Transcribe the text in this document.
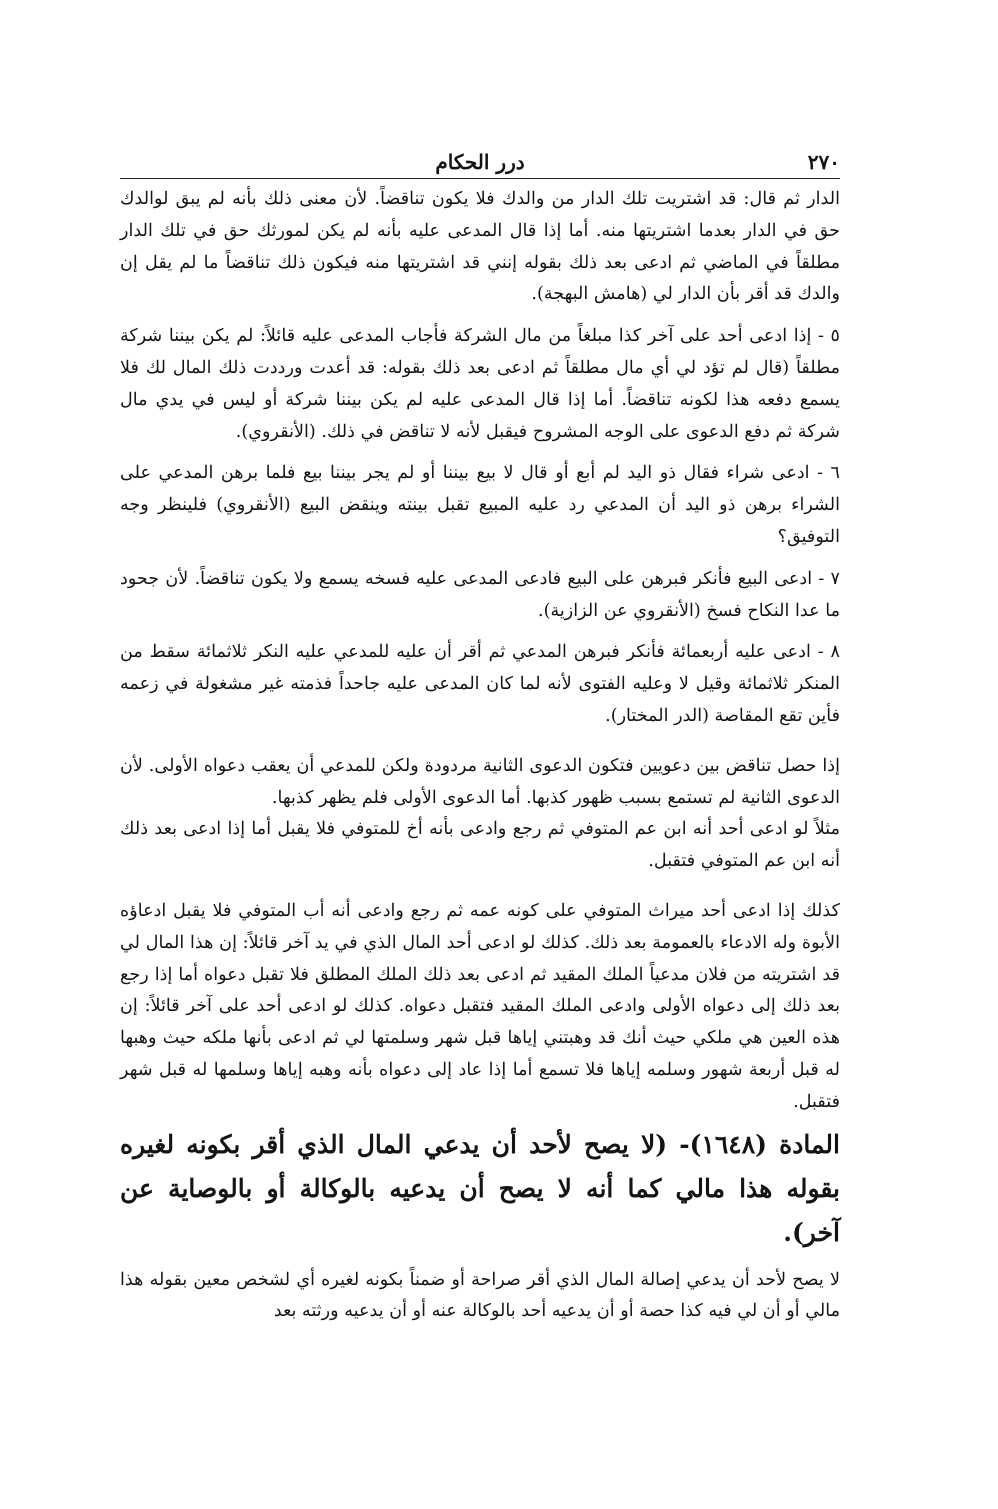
٢٧٠
درر الحكام

الدار ثم قال: قد اشتريت تلك الدار من والدك فلا يكون تناقضاً. لأن معنى ذلك بأنه لم يبق لوالدك حق في الدار بعدما اشتريتها منه. أما إذا قال المدعى عليه بأنه لم يكن لمورثك حق في تلك الدار مطلقاً في الماضي ثم ادعى بعد ذلك بقوله إنني قد اشتريتها منه فيكون ذلك تناقضاً ما لم يقل إن والدك قد أقر بأن الدار لي (هامش البهجة).

٥ - إذا ادعى أحد على آخر كذا مبلغاً من مال الشركة فأجاب المدعى عليه قائلاً: لم يكن بيننا شركة مطلقاً (قال لم تؤد لي أي مال مطلقاً ثم ادعى بعد ذلك بقوله: قد أعدت ورددت ذلك المال لك فلا يسمع دفعه هذا لكونه تناقضاً. أما إذا قال المدعى عليه لم يكن بيننا شركة أو ليس في يدي مال شركة ثم دفع الدعوى على الوجه المشروح فيقبل لأنه لا تناقض في ذلك. (الأنقروي).

٦ - ادعى شراء فقال ذو اليد لم أبع أو قال لا بيع بيننا أو لم يجر بيننا بيع فلما برهن المدعي على الشراء برهن ذو اليد أن المدعي رد عليه المبيع تقبل بينته وينقض البيع (الأنقروي) فلينظر وجه التوفيق؟

٧ - ادعى البيع فأنكر فبرهن على البيع فادعى المدعى عليه فسخه يسمع ولا يكون تناقضاً. لأن جحود ما عدا النكاح فسخ (الأنقروي عن الزازية).

٨ - ادعى عليه أربعمائة فأنكر فبرهن المدعي ثم أقر أن عليه للمدعي عليه النكر ثلاثمائة سقط من المنكر ثلاثمائة وقيل لا وعليه الفتوى لأنه لما كان المدعى عليه جاحداً فذمته غير مشغولة في زعمه فأين تقع المقاصة (الدر المختار).

إذا حصل تناقض بين دعويين فتكون الدعوى الثانية مردودة ولكن للمدعي أن يعقب دعواه الأولى. لأن الدعوى الثانية لم تستمع بسبب ظهور كذبها. أما الدعوى الأولى فلم يظهر كذبها.

مثلاً لو ادعى أحد أنه ابن عم المتوفي ثم رجع وادعى بأنه أخ للمتوفي فلا يقبل أما إذا ادعى بعد ذلك أنه ابن عم المتوفي فتقبل.

كذلك إذا ادعى أحد ميراث المتوفي على كونه عمه ثم رجع وادعى أنه أب المتوفي فلا يقبل ادعاؤه الأبوة وله الادعاء بالعمومة بعد ذلك. كذلك لو ادعى أحد المال الذي في يد آخر قائلاً: إن هذا المال لي قد اشتريته من فلان مدعياً الملك المقيد ثم ادعى بعد ذلك الملك المطلق فلا تقبل دعواه أما إذا رجع بعد ذلك إلى دعواه الأولى وادعى الملك المقيد فتقبل دعواه. كذلك لو ادعى أحد على آخر قائلاً: إن هذه العين هي ملكي حيث أنك قد وهبتني إياها قبل شهر وسلمتها لي ثم ادعى بأنها ملكه حيث وهبها له قبل أربعة شهور وسلمه إياها فلا تسمع أما إذا عاد إلى دعواه بأنه وهبه إياها وسلمها له قبل شهر فتقبل.

المادة (١٦٤٨)- (لا يصح لأحد أن يدعي المال الذي أقر بكونه لغيره بقوله هذا مالي كما أنه لا يصح أن يدعيه بالوكالة أو بالوصاية عن آخر).

لا يصح لأحد أن يدعي إصالة المال الذي أقر صراحة أو ضمناً بكونه لغيره أي لشخص معين بقوله هذا مالي أو أن لي فيه كذا حصة أو أن يدعيه أحد بالوكالة عنه أو أن يدعيه ورثته بعد
